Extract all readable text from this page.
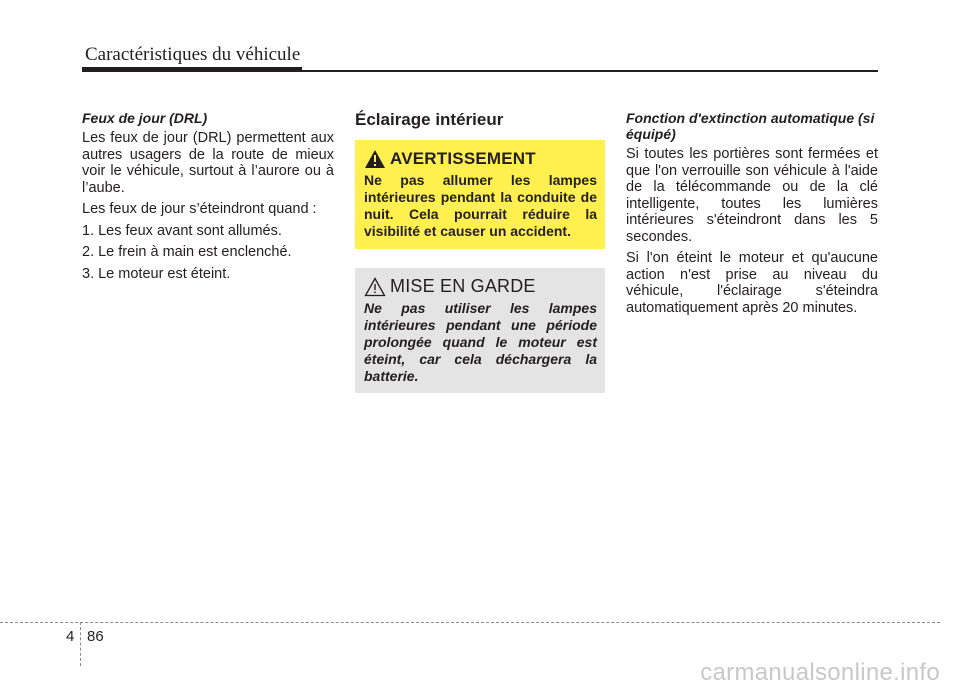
Caractéristiques du véhicule

Feux de jour (DRL)

Les feux de jour (DRL) permettent aux autres usagers de la route de mieux voir le véhicule, surtout à l’aurore ou à l’aube.

Les feux de jour s’éteindront quand :

1. Les feux avant sont allumés.

2. Le frein à main est enclenché.

3. Le moteur est éteint.

Éclairage intérieur

AVERTISSEMENT

Ne pas allumer les lampes intérieures pendant la conduite de nuit. Cela pourrait réduire la visibilité et causer un accident.

MISE EN GARDE

Ne pas utiliser les lampes intérieures pendant une période prolongée quand le moteur est éteint, car cela déchargera la batterie.

Fonction d'extinction automatique (si équipé)

Si toutes les portières sont fermées et que l'on verrouille son véhicule à l'aide de la télécommande ou de la clé intelligente, toutes les lumières intérieures s'éteindront dans les 5 secondes.

Si l'on éteint le moteur et qu'aucune action n'est prise au niveau du véhicule, l'éclairage s'éteindra automatiquement après 20 minutes.

4 86
carmanualsonline.info
